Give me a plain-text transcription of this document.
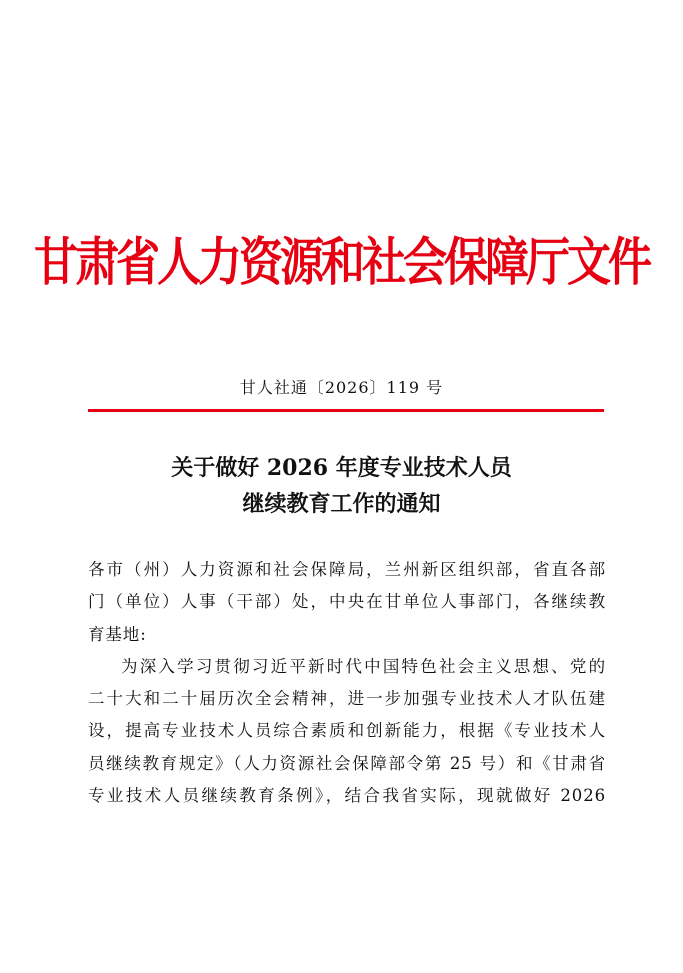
甘肃省人力资源和社会保障厅文件
甘人社通〔2026〕119 号
关于做好 2026 年度专业技术人员
继续教育工作的通知
各市（州）人力资源和社会保障局，兰州新区组织部，省直各部
门（单位）人事（干部）处，中央在甘单位人事部门，各继续教
育基地:
为深入学习贯彻习近平新时代中国特色社会主义思想、党的
二十大和二十届历次全会精神，进一步加强专业技术人才队伍建
设，提高专业技术人员综合素质和创新能力，根据《专业技术人
员继续教育规定》（人力资源社会保障部令第 25 号）和《甘肃省
专业技术人员继续教育条例》，结合我省实际，现就做好 2026
